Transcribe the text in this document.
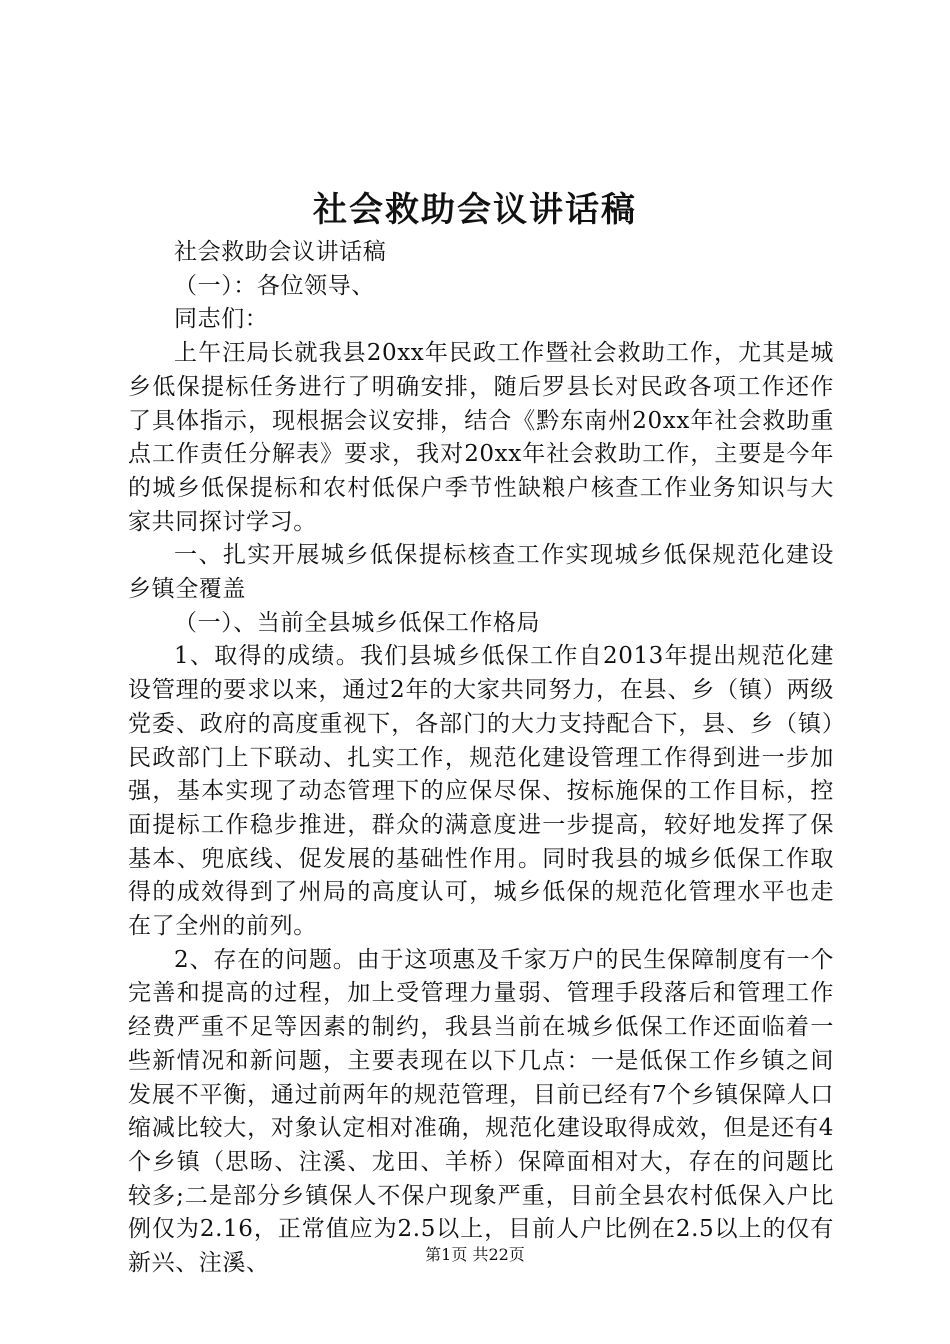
社会救助会议讲话稿

社会救助会议讲话稿

（一）：各位领导、

同志们：

上午汪局长就我县20xx年民政工作暨社会救助工作，尤其是城乡低保提标任务进行了明确安排，随后罗县长对民政各项工作还作了具体指示，现根据会议安排，结合《黔东南州20xx年社会救助重点工作责任分解表》要求，我对20xx年社会救助工作，主要是今年的城乡低保提标和农村低保户季节性缺粮户核查工作业务知识与大家共同探讨学习。

一、扎实开展城乡低保提标核查工作实现城乡低保规范化建设乡镇全覆盖

（一）、当前全县城乡低保工作格局

1、取得的成绩。我们县城乡低保工作自2013年提出规范化建设管理的要求以来，通过2年的大家共同努力，在县、乡（镇）两级党委、政府的高度重视下，各部门的大力支持配合下，县、乡（镇）民政部门上下联动、扎实工作，规范化建设管理工作得到进一步加强，基本实现了动态管理下的应保尽保、按标施保的工作目标，控面提标工作稳步推进，群众的满意度进一步提高，较好地发挥了保基本、兜底线、促发展的基础性作用。同时我县的城乡低保工作取得的成效得到了州局的高度认可，城乡低保的规范化管理水平也走在了全州的前列。

2、存在的问题。由于这项惠及千家万户的民生保障制度有一个完善和提高的过程，加上受管理力量弱、管理手段落后和管理工作经费严重不足等因素的制约，我县当前在城乡低保工作还面临着一些新情况和新问题，主要表现在以下几点：一是低保工作乡镇之间发展不平衡，通过前两年的规范管理，目前已经有7个乡镇保障人口缩减比较大，对象认定相对准确，规范化建设取得成效，但是还有4个乡镇（思旸、注溪、龙田、羊桥）保障面相对大，存在的问题比较多;二是部分乡镇保人不保户现象严重，目前全县农村低保入户比例仅为2.16，正常值应为2.5以上，目前人户比例在2.5以上的仅有新兴、注溪、	第1页 共22页
